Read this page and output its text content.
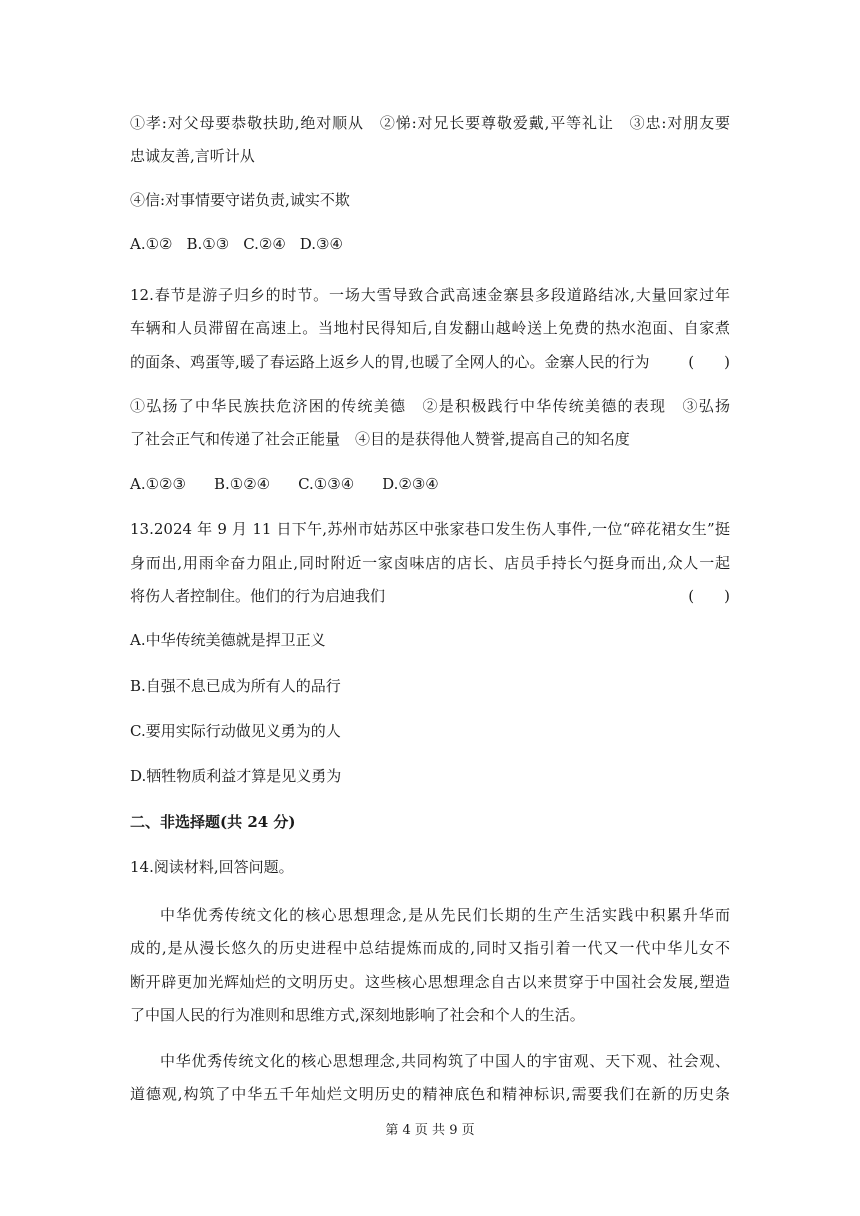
①孝:对父母要恭敬扶助,绝对顺从　②悌:对兄长要尊敬爱戴,平等礼让　③忠:对朋友要
忠诚友善,言听计从
④信:对事情要守诺负责,诚实不欺
A.①② B.①③ C.②④ D.③④
12.春节是游子归乡的时节。一场大雪导致合武高速金寨县多段道路结冰,大量回家过年
车辆和人员滞留在高速上。当地村民得知后,自发翻山越岭送上免费的热水泡面、自家煮
的面条、鸡蛋等,暖了春运路上返乡人的胃,也暖了全网人的心。金寨人民的行为	(　　)
①弘扬了中华民族扶危济困的传统美德　②是积极践行中华传统美德的表现　③弘扬
了社会正气和传递了社会正能量　④目的是获得他人赞誉,提高自己的知名度
A.①②③ B.①②④ C.①③④ D.②③④
13.2024 年 9 月 11 日下午,苏州市姑苏区中张家巷口发生伤人事件,一位“碎花裙女生”挺
身而出,用雨伞奋力阻止,同时附近一家卤味店的店长、店员手持长勺挺身而出,众人一起
将伤人者控制住。他们的行为启迪我们	(　　)
A.中华传统美德就是捍卫正义
B.自强不息已成为所有人的品行
C.要用实际行动做见义勇为的人
D.牺牲物质利益才算是见义勇为
二、非选择题(共 24 分)
14.阅读材料,回答问题。
中华优秀传统文化的核心思想理念,是从先民们长期的生产生活实践中积累升华而
成的,是从漫长悠久的历史进程中总结提炼而成的,同时又指引着一代又一代中华儿女不
断开辟更加光辉灿烂的文明历史。这些核心思想理念自古以来贯穿于中国社会发展,塑造
了中国人民的行为准则和思维方式,深刻地影响了社会和个人的生活。
中华优秀传统文化的核心思想理念,共同构筑了中国人的宇宙观、天下观、社会观、
道德观,构筑了中华五千年灿烂文明历史的精神底色和精神标识,需要我们在新的历史条
第 4 页 共 9 页
